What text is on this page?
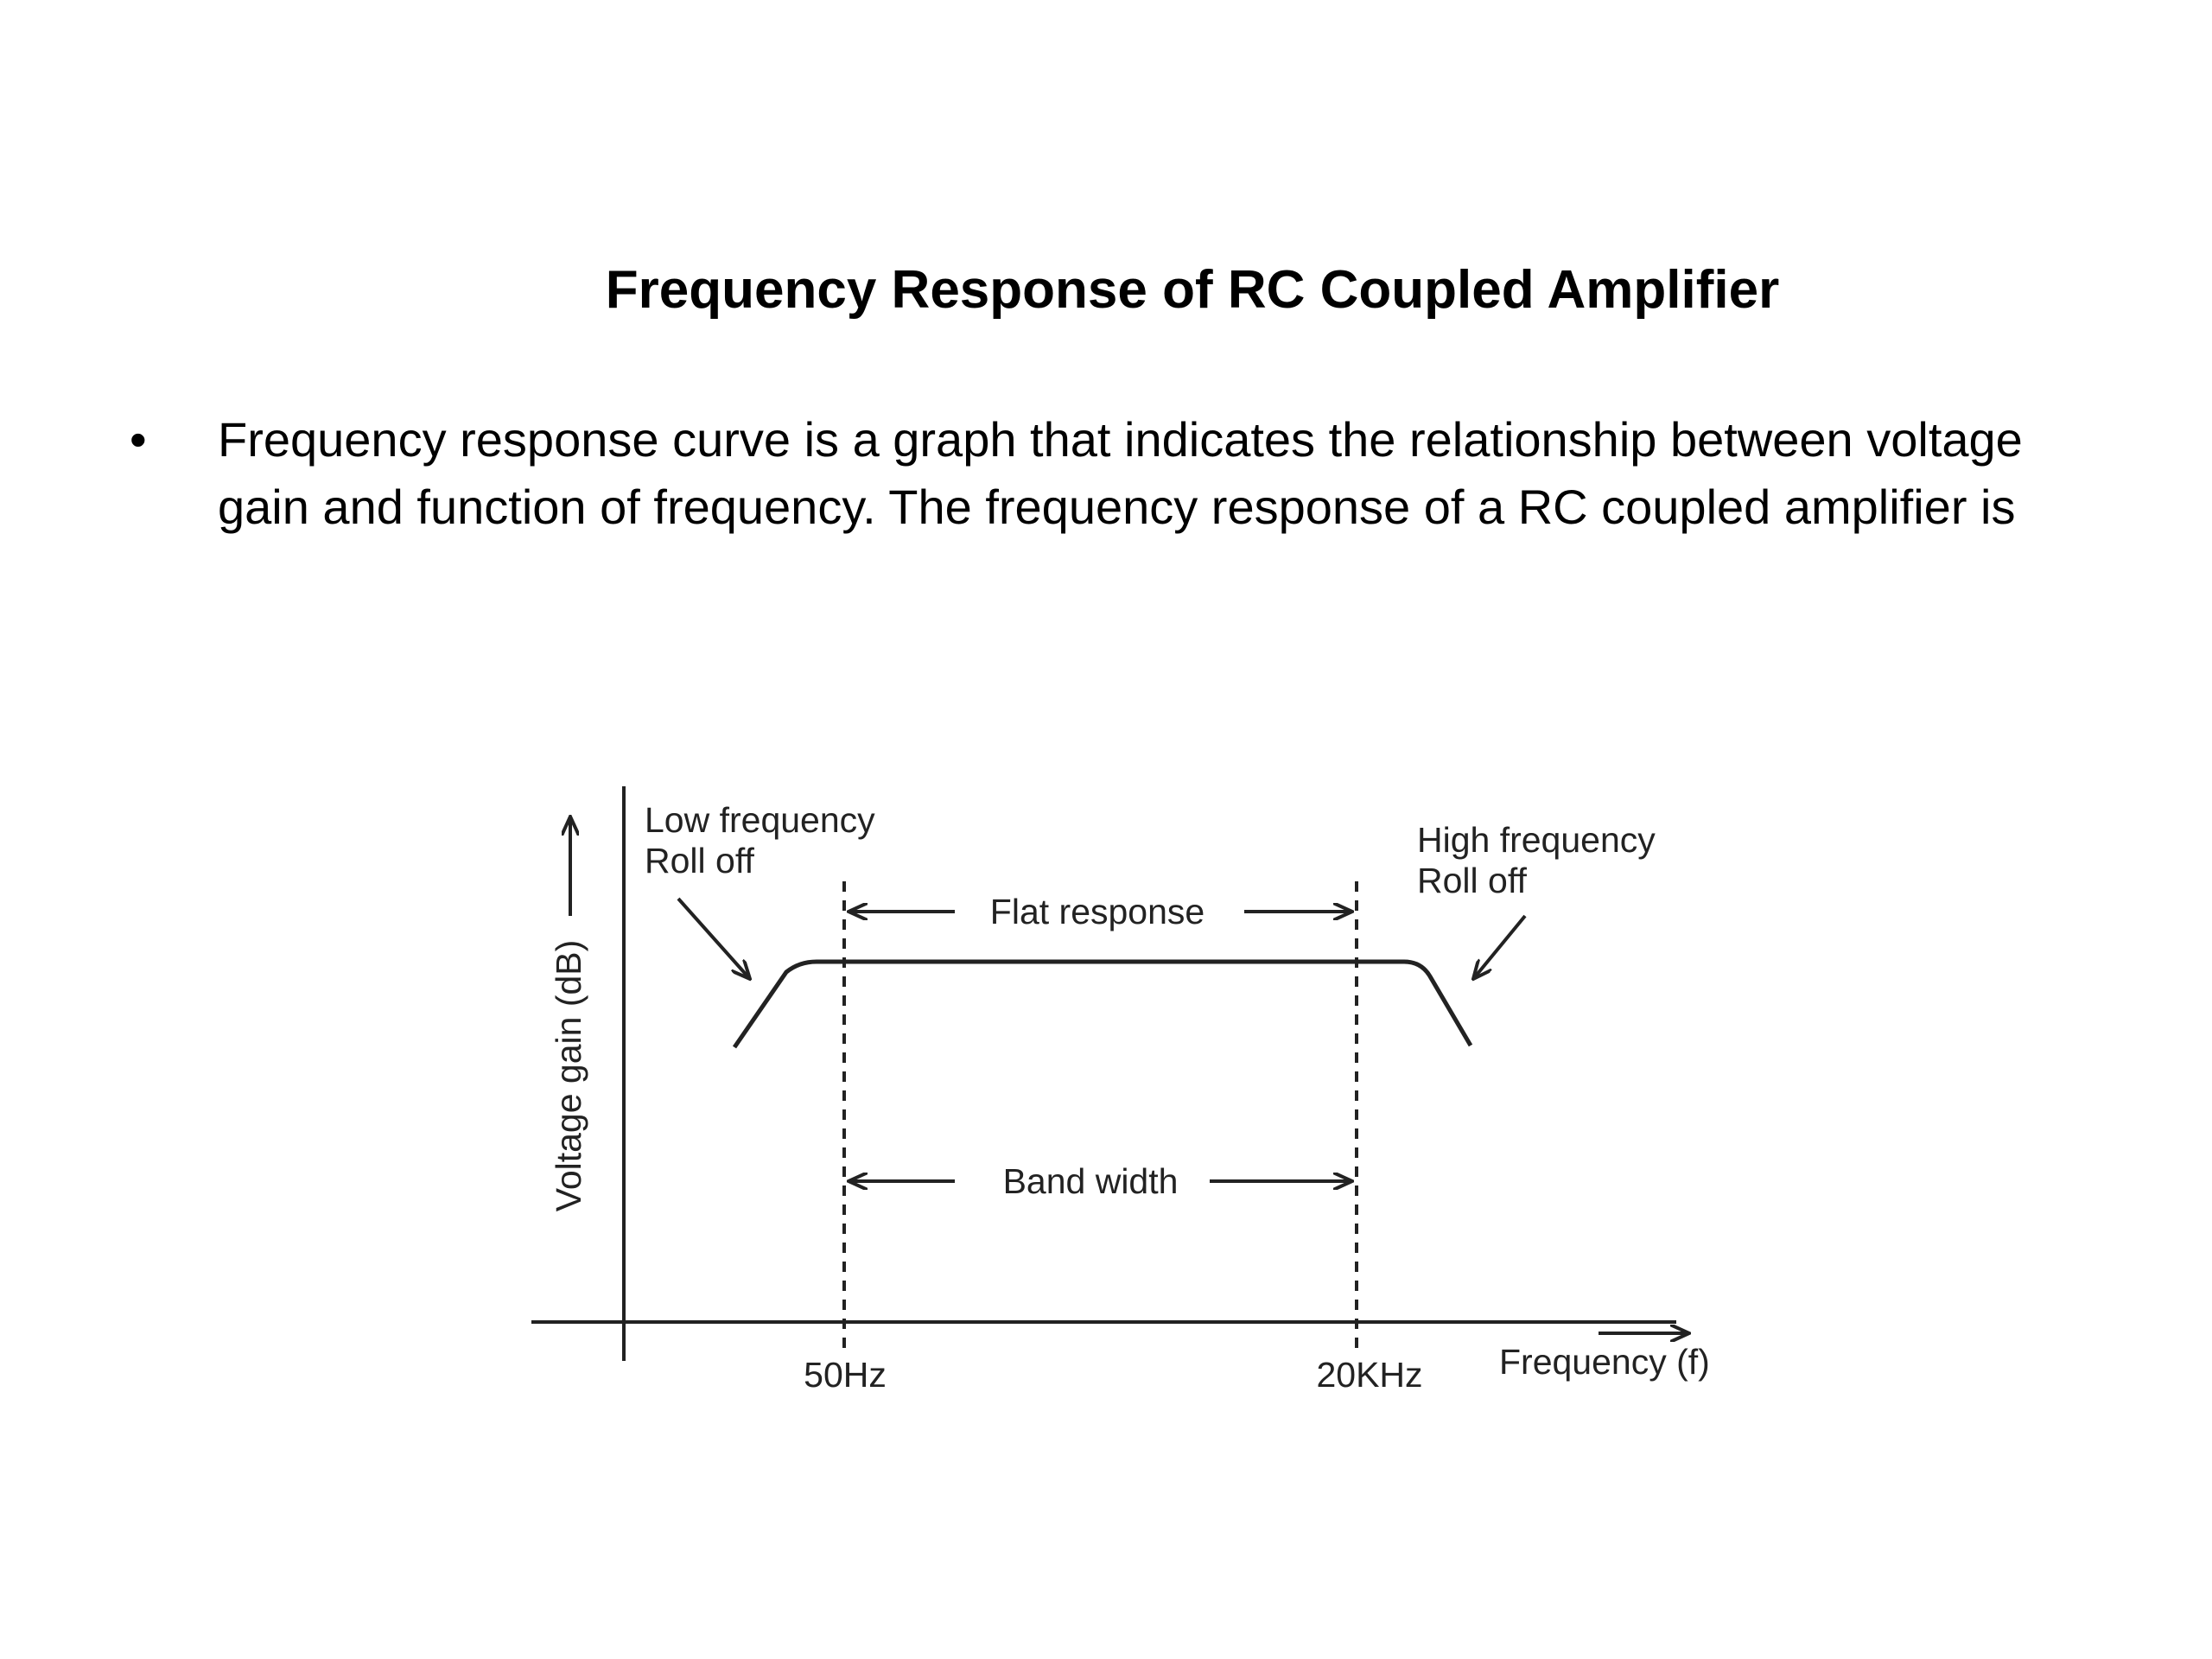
Frequency Response of RC Coupled Amplifier
•	Frequency response curve is a graph that indicates the relationship between voltage gain and function of frequency. The frequency response of a RC coupled amplifier is

Voltage gain (dB)
Low frequency
Roll off
High frequency
Roll off
Flat response
Band width
50Hz	20KHz Frequency (f)
